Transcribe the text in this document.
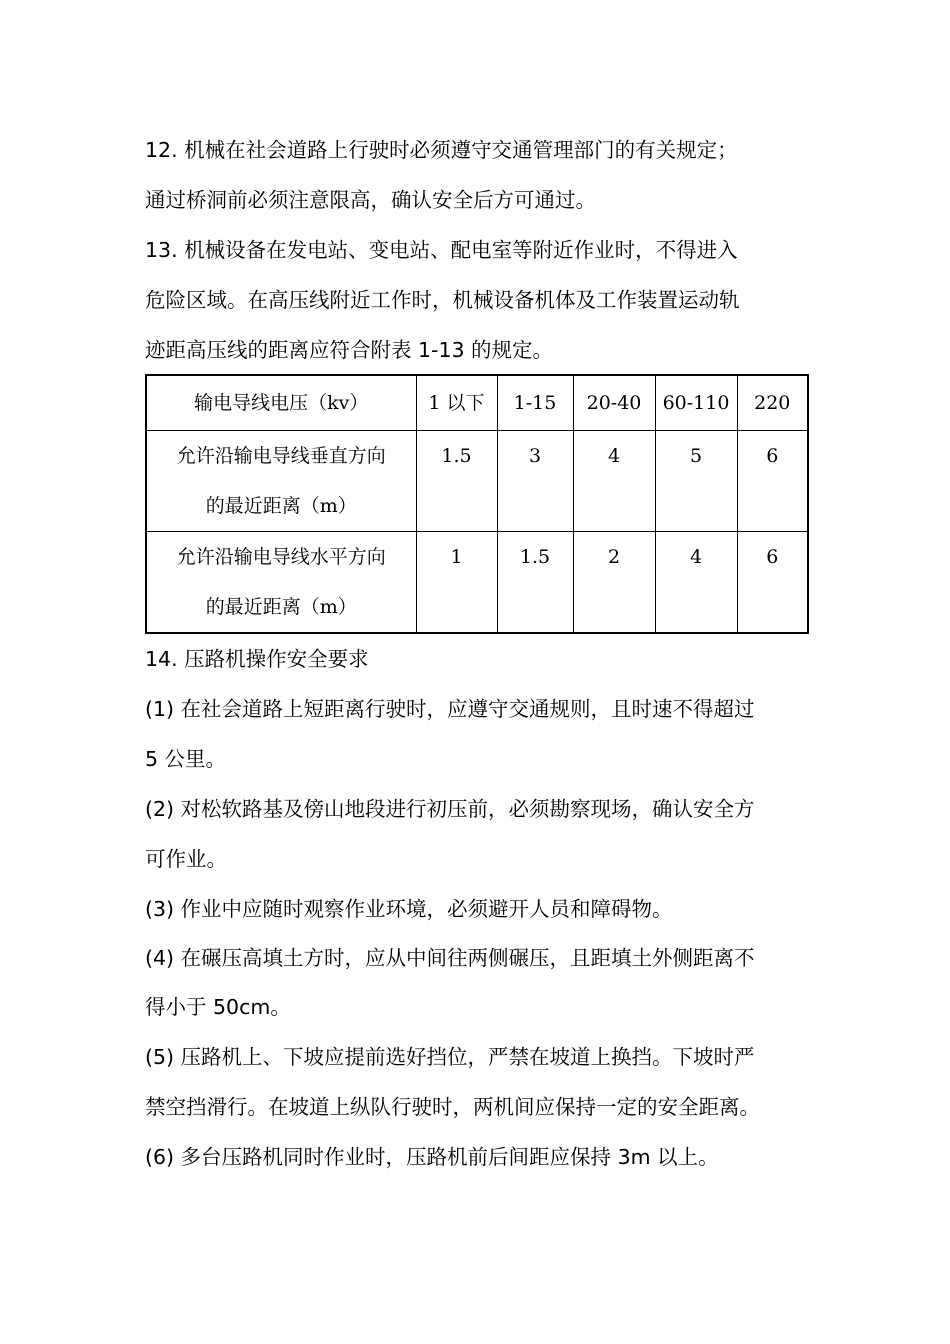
12. 机械在社会道路上行驶时必须遵守交通管理部门的有关规定；
通过桥洞前必须注意限高，确认安全后方可通过。
13. 机械设备在发电站、变电站、配电室等附近作业时，不得进入
危险区域。在高压线附近工作时，机械设备机体及工作装置运动轨
迹距高压线的距离应符合附表 1-13 的规定。
输电导线电压（kv）	1 以下	1-15	20-40	60-110	220

允许沿输电导线垂直方向
的最近距离（m）	1.5	3	4	5	6

允许沿输电导线水平方向
的最近距离（m）	1	1.5	2	4	6
14. 压路机操作安全要求
(1) 在社会道路上短距离行驶时，应遵守交通规则，且时速不得超过
5 公里。
(2) 对松软路基及傍山地段进行初压前，必须勘察现场，确认安全方
可作业。
(3) 作业中应随时观察作业环境，必须避开人员和障碍物。
(4) 在碾压高填土方时，应从中间往两侧碾压，且距填土外侧距离不
得小于 50cm。
(5) 压路机上、下坡应提前选好挡位，严禁在坡道上换挡。下坡时严
禁空挡滑行。在坡道上纵队行驶时，两机间应保持一定的安全距离。
(6) 多台压路机同时作业时，压路机前后间距应保持 3m 以上。
